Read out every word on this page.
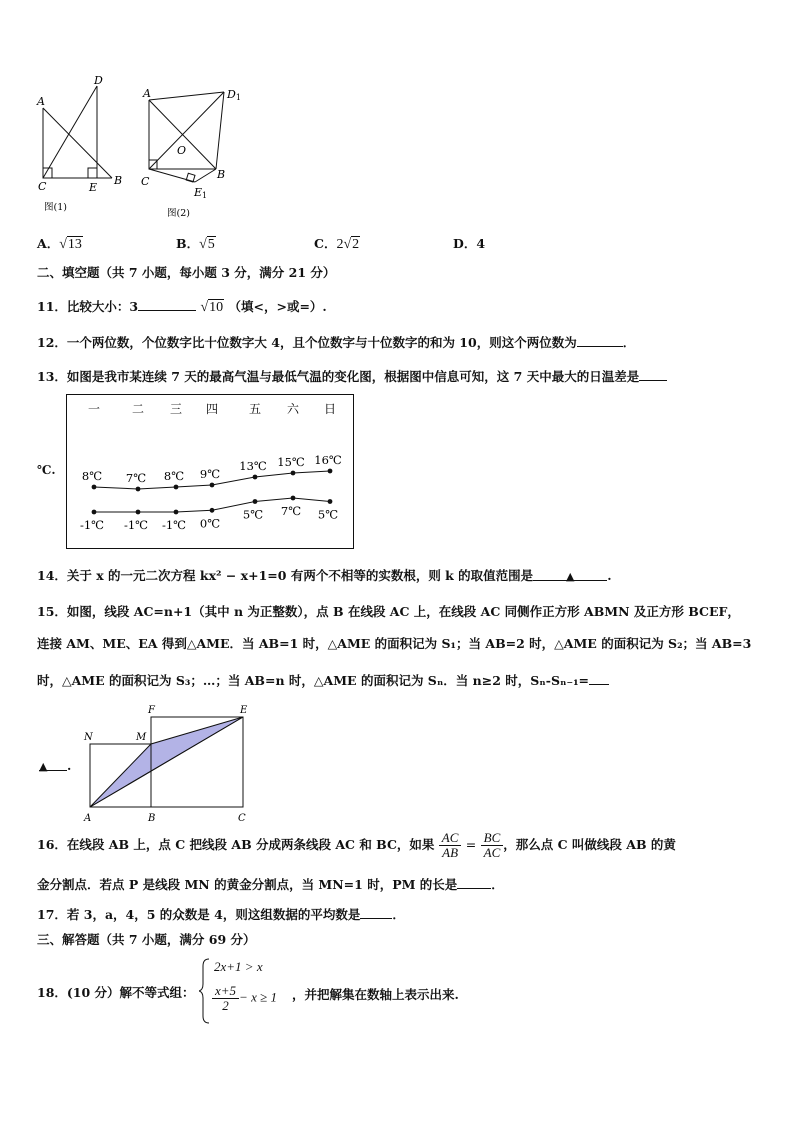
A
D
C	E
B
图(1)
A	D1
O
C
E1
B
图(2)
A．√13	B．√5	C．2√2	D．4
二、填空题（共 7 小题，每小题 3 分，满分 21 分）
11．比较大小：3	√10 （填<，>或=）.
12．一个两位数，个位数字比十位数字大 4，且个位数字与十位数字的和为 10，则这个两位数为	．
13．如图是我市某连续 7 天的最高气温与最低气温的变化图，根据图中信息可知，这 7 天中最大的日温差是
℃.
一	二 三 四	五 六 日
8℃ 7℃ 8℃ 9℃
13℃ 15℃ 16℃
-1℃ -1℃ -1℃ 0℃
5℃ 7℃ 5℃
14．关于 x 的一元二次方程 kx² − x+1=0 有两个不相等的实数根，则 k 的取值范围是	▲	.
15．如图，线段 AC=n+1（其中 n 为正整数），点 B 在线段 AC 上，在线段 AC 同侧作正方形 ABMN 及正方形 BCEF，
连接 AM、ME、EA 得到△AME．当 AB=1 时，△AME 的面积记为 S₁；当 AB=2 时，△AME 的面积记为 S₂；当 AB=3
时，△AME 的面积记为 S₃；…；当 AB=n 时，△AME 的面积记为 Sₙ．当 n≥2 时，Sₙ-Sₙ₋₁=
N	M
F	E
A	B	C
▲ .
16．在线段 AB 上，点 C 把线段 AB 分成两条线段 AC 和 BC，如果 $\frac{AC}{AB} = \frac{BC}{AC}$ ，那么点 C 叫做线段 AB 的黄
金分割点．若点 P 是线段 MN 的黄金分割点，当 MN=1 时，PM 的长是	．
17．若 3，a，4，5 的众数是 4，则这组数据的平均数是	．
三、解答题（共 7 小题，满分 69 分）
18．(10 分）解不等式组：
2x+1 > x
$\frac{x+5}{2} - x \ge 1$ ，并把解集在数轴上表示出来.
